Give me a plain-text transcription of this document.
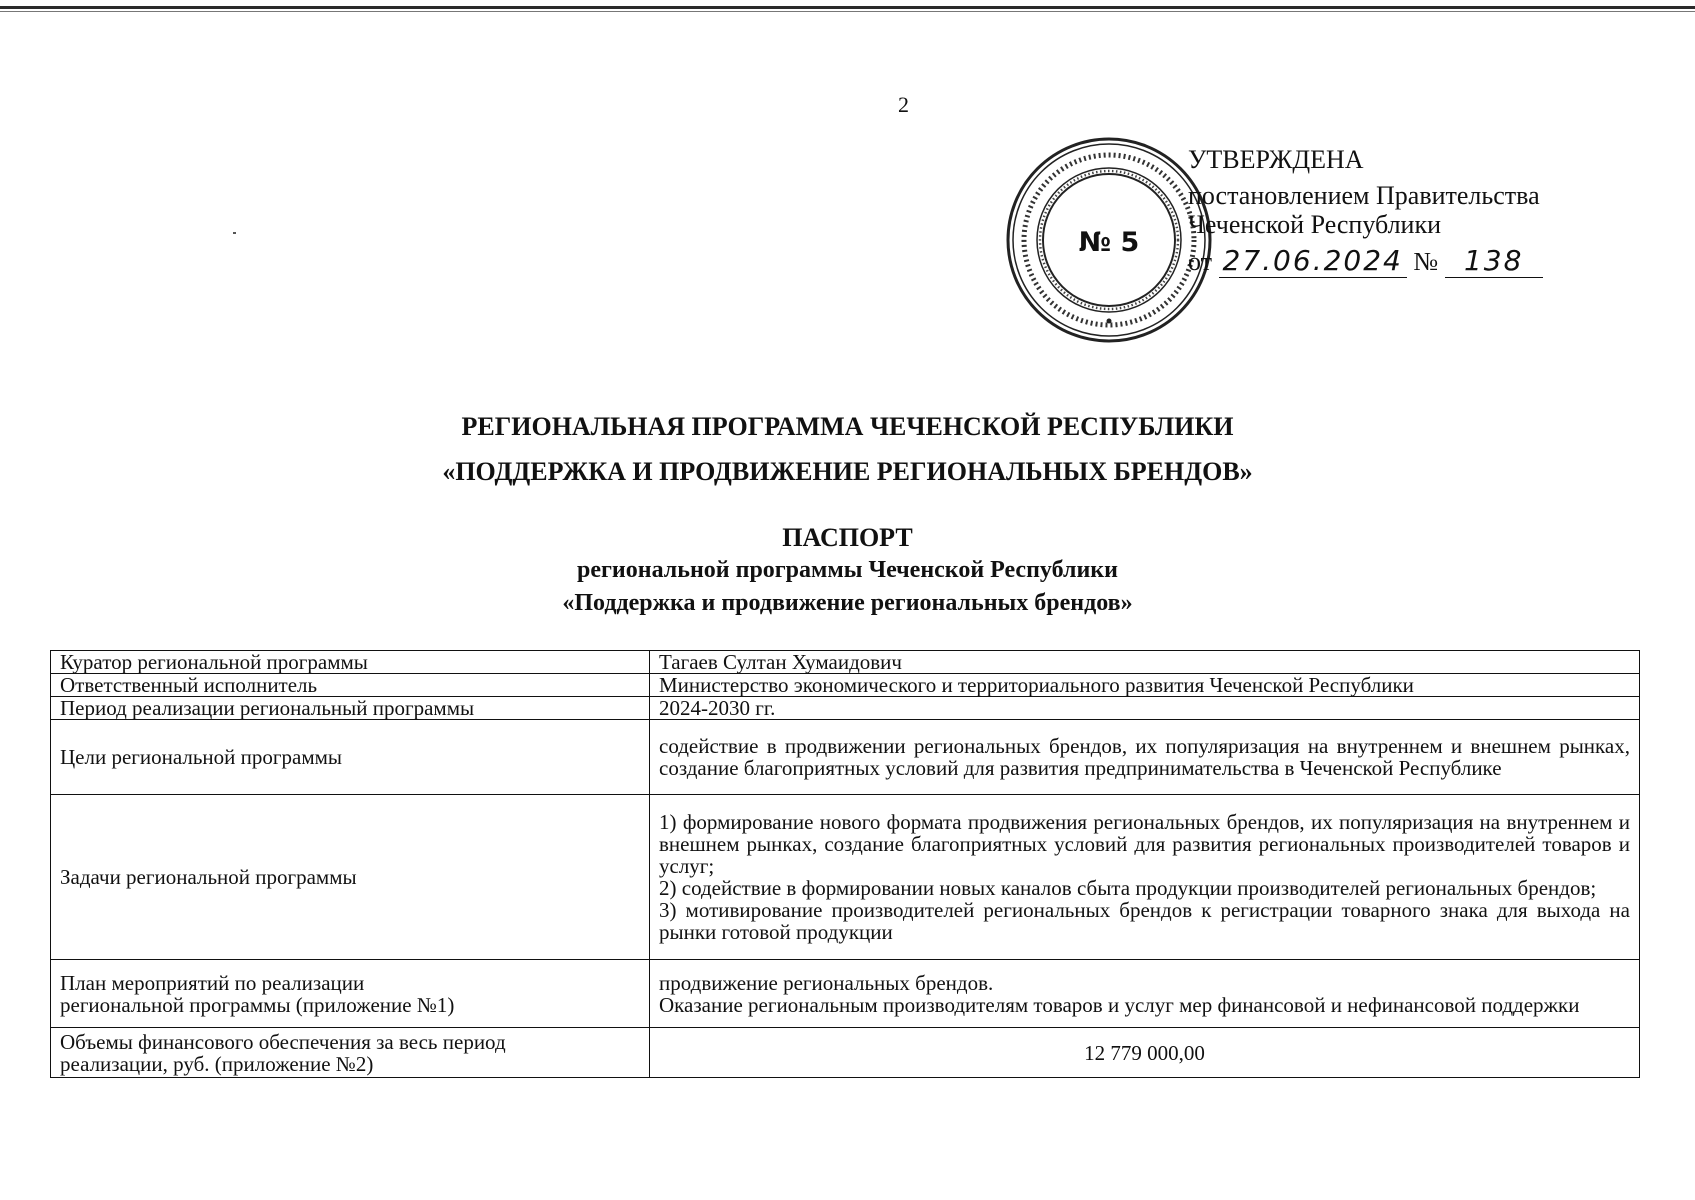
2
№ 5
УТВЕРЖДЕНА
постановлением Правительства
Чеченской Республики
от 27.06.2024 № 138
РЕГИОНАЛЬНАЯ ПРОГРАММА ЧЕЧЕНСКОЙ РЕСПУБЛИКИ
«ПОДДЕРЖКА И ПРОДВИЖЕНИЕ РЕГИОНАЛЬНЫХ БРЕНДОВ»
ПАСПОРТ
региональной программы Чеченской Республики
«Поддержка и продвижение региональных брендов»
Куратор региональной программы	Тагаев Султан Хумаидович
Ответственный исполнитель	Министерство экономического и территориального развития Чеченской Республики
Период реализации региональный программы	2024-2030 гг.
Цели региональной программы	содействие в продвижении региональных брендов, их популяризация на внутреннем и внешнем рынках, создание благоприятных условий для развития предпринимательства в Чеченской Республике
Задачи региональной программы	1) формирование нового формата продвижения региональных брендов, их популяризация на внутреннем и внешнем рынках, создание благоприятных условий для развития региональных производителей товаров и услуг;
2) содействие в формировании новых каналов сбыта продукции производителей региональных брендов;
3) мотивирование производителей региональных брендов к регистрации товарного знака для выхода на рынки готовой продукции

План мероприятий по реализации
региональной программы (приложение №1)	продвижение региональных брендов.
Оказание региональным производителям товаров и услуг мер финансовой и нефинансовой поддержки

Объемы финансового обеспечения за весь период
реализации, руб. (приложение №2)	12 779 000,00
